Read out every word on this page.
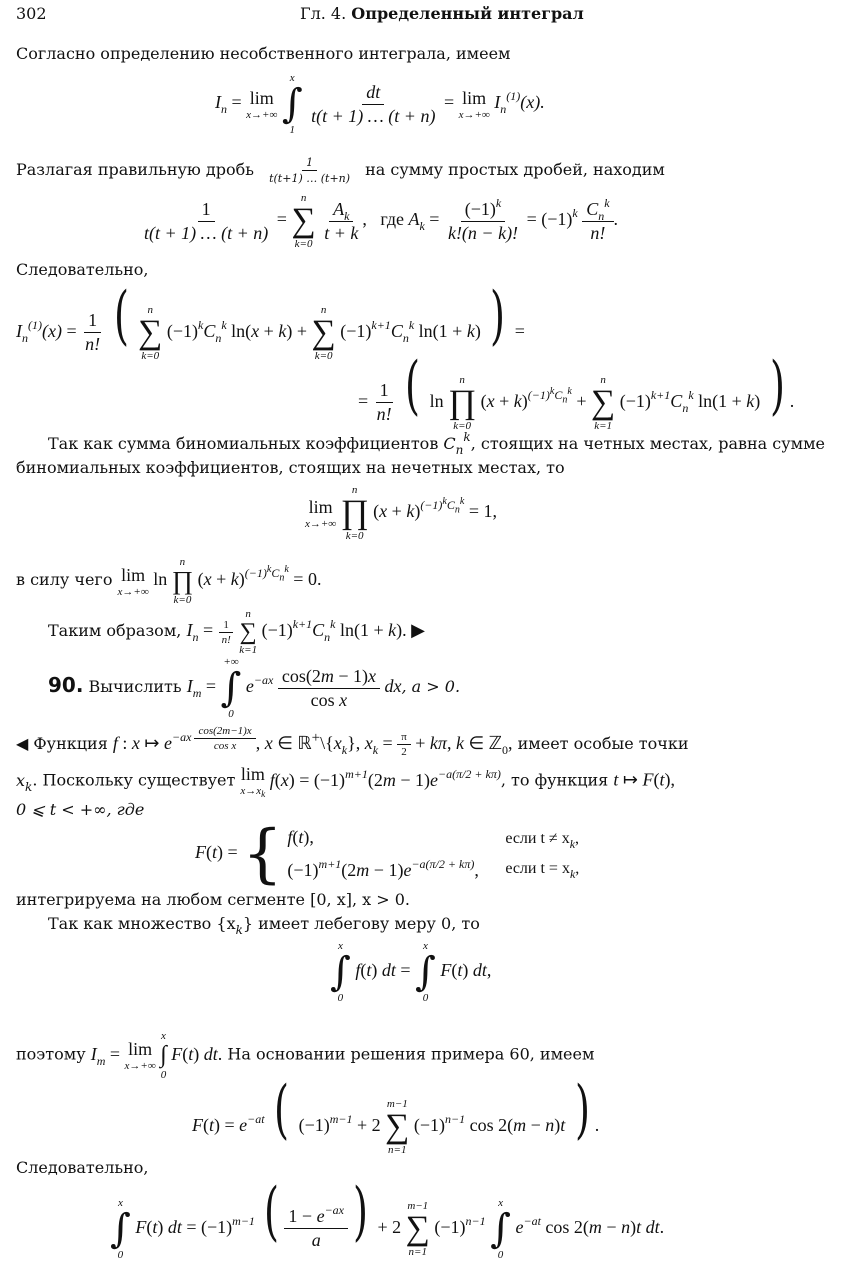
302	Гл. 4. Определенный интеграл
Согласно определению несобственного интеграла, имеем
$I_n = \lim$
x→+∞

x
∫
1

$\frac{dt}{t(t + 1) \dots (t + n)} = \lim$
x→+∞
$I_n^{(1)}(x)$.
Разлагая правильную дробь $\frac{1}{t(t+1) \dots (t+n)}$ на сумму простых дробей, находим
$\frac{1}{t(t + 1) \dots (t + n)}$ =
n
∑
k=0

$\frac{A_k}{t + k}$ ,   где $A_k = \frac{(-1)^k}{k!(n - k)!} = (-1)^k \frac{C_n^k}{n!}$ .
Следовательно,
$I_n^{(1)}(x) = \frac{1}{n!}$ ( n
∑
k=0
$(-1)^kC_n^k$ ln(x + k) +
n
∑
k=0
$(-1)^{k+1}C_n^k$ ln(1 + k) ) =
= $\frac{1}{n!}$ ( ln
n
∏
k=0
$(x + k)^{(-1)^kC_n^k}$ +
n
∑
k=1
$(-1)^{k+1}C_n^k$ ln(1 + k) ) .
Так как сумма биномиальных коэффициентов $C_n^k$, стоящих на четных местах, равна сумме
биномиальных коэффициентов, стоящих на нечетных местах, то
lim
x→+∞

n
∏
k=0
$(x + k)^{(-1)^kC_n^k} = 1$,
в силу чего lim
x→+∞
ln
n
∏
k=0
$(x + k)^{(-1)^kC_n^k} = 0$.
Таким образом, $I_n = \frac{1}{n!}$

n
∑
k=1
$(-1)^{k+1}C_n^k$ ln(1 + k). ▶
90. Вычислить $I_m$ =
+∞
∫
0
$e^{-ax} \frac{\cos(2m - 1)x}{\text{cos x}}$ dx, a > 0.
◀ Функция f : x ↦ $e^{-ax \frac{\cos(2m-1)x}{\text{cos x}}}$ , x ∈ $ℝ^+\backslash\{x_k\}$, $x_k = \frac{\pi}{2} + k\pi$, k ∈ ℤ$_0$, имеет особые точки
$x_k$. Поскольку существует lim
$x\to x_k$
$f(x) = (-1)^{m+1}(2m - 1)e^{-a(\pi/2 + k\pi)}$, то функция t ↦ F(t),
0 ⩽ t < +∞, где
F(t) = { f(t),
$(-1)^{m+1}(2m - 1)e^{-a(\pi/2 + k\pi)}$,

если $t \ne x_k$,
если $t = x_k$,
интегрируема на любом сегменте [0, x], x > 0.
Так как множество $\{x_k\}$ имеет лебегову меру 0, то
x
∫
0
f(t) dt =
x
∫
0
F(t) dt,
поэтому $I_m = \lim$
x→+∞

x
∫
0
F(t) dt. На основании решения примера 60, имеем
$F(t) = e^{-at}$ ( $(-1)^{m-1} + 2$
m−1
∑
n=1
$(-1)^{n-1}$ cos 2(m − n)t ) .
Следовательно,
x
∫
0
F(t) dt = $(-1)^{m-1}$ ( $\frac{1 - e^{-ax}}{a}$ ) + 2
m−1
∑
n=1
$(-1)^{n-1}$
x
∫
0
$e^{-at}$ cos 2(m − n)t dt.
